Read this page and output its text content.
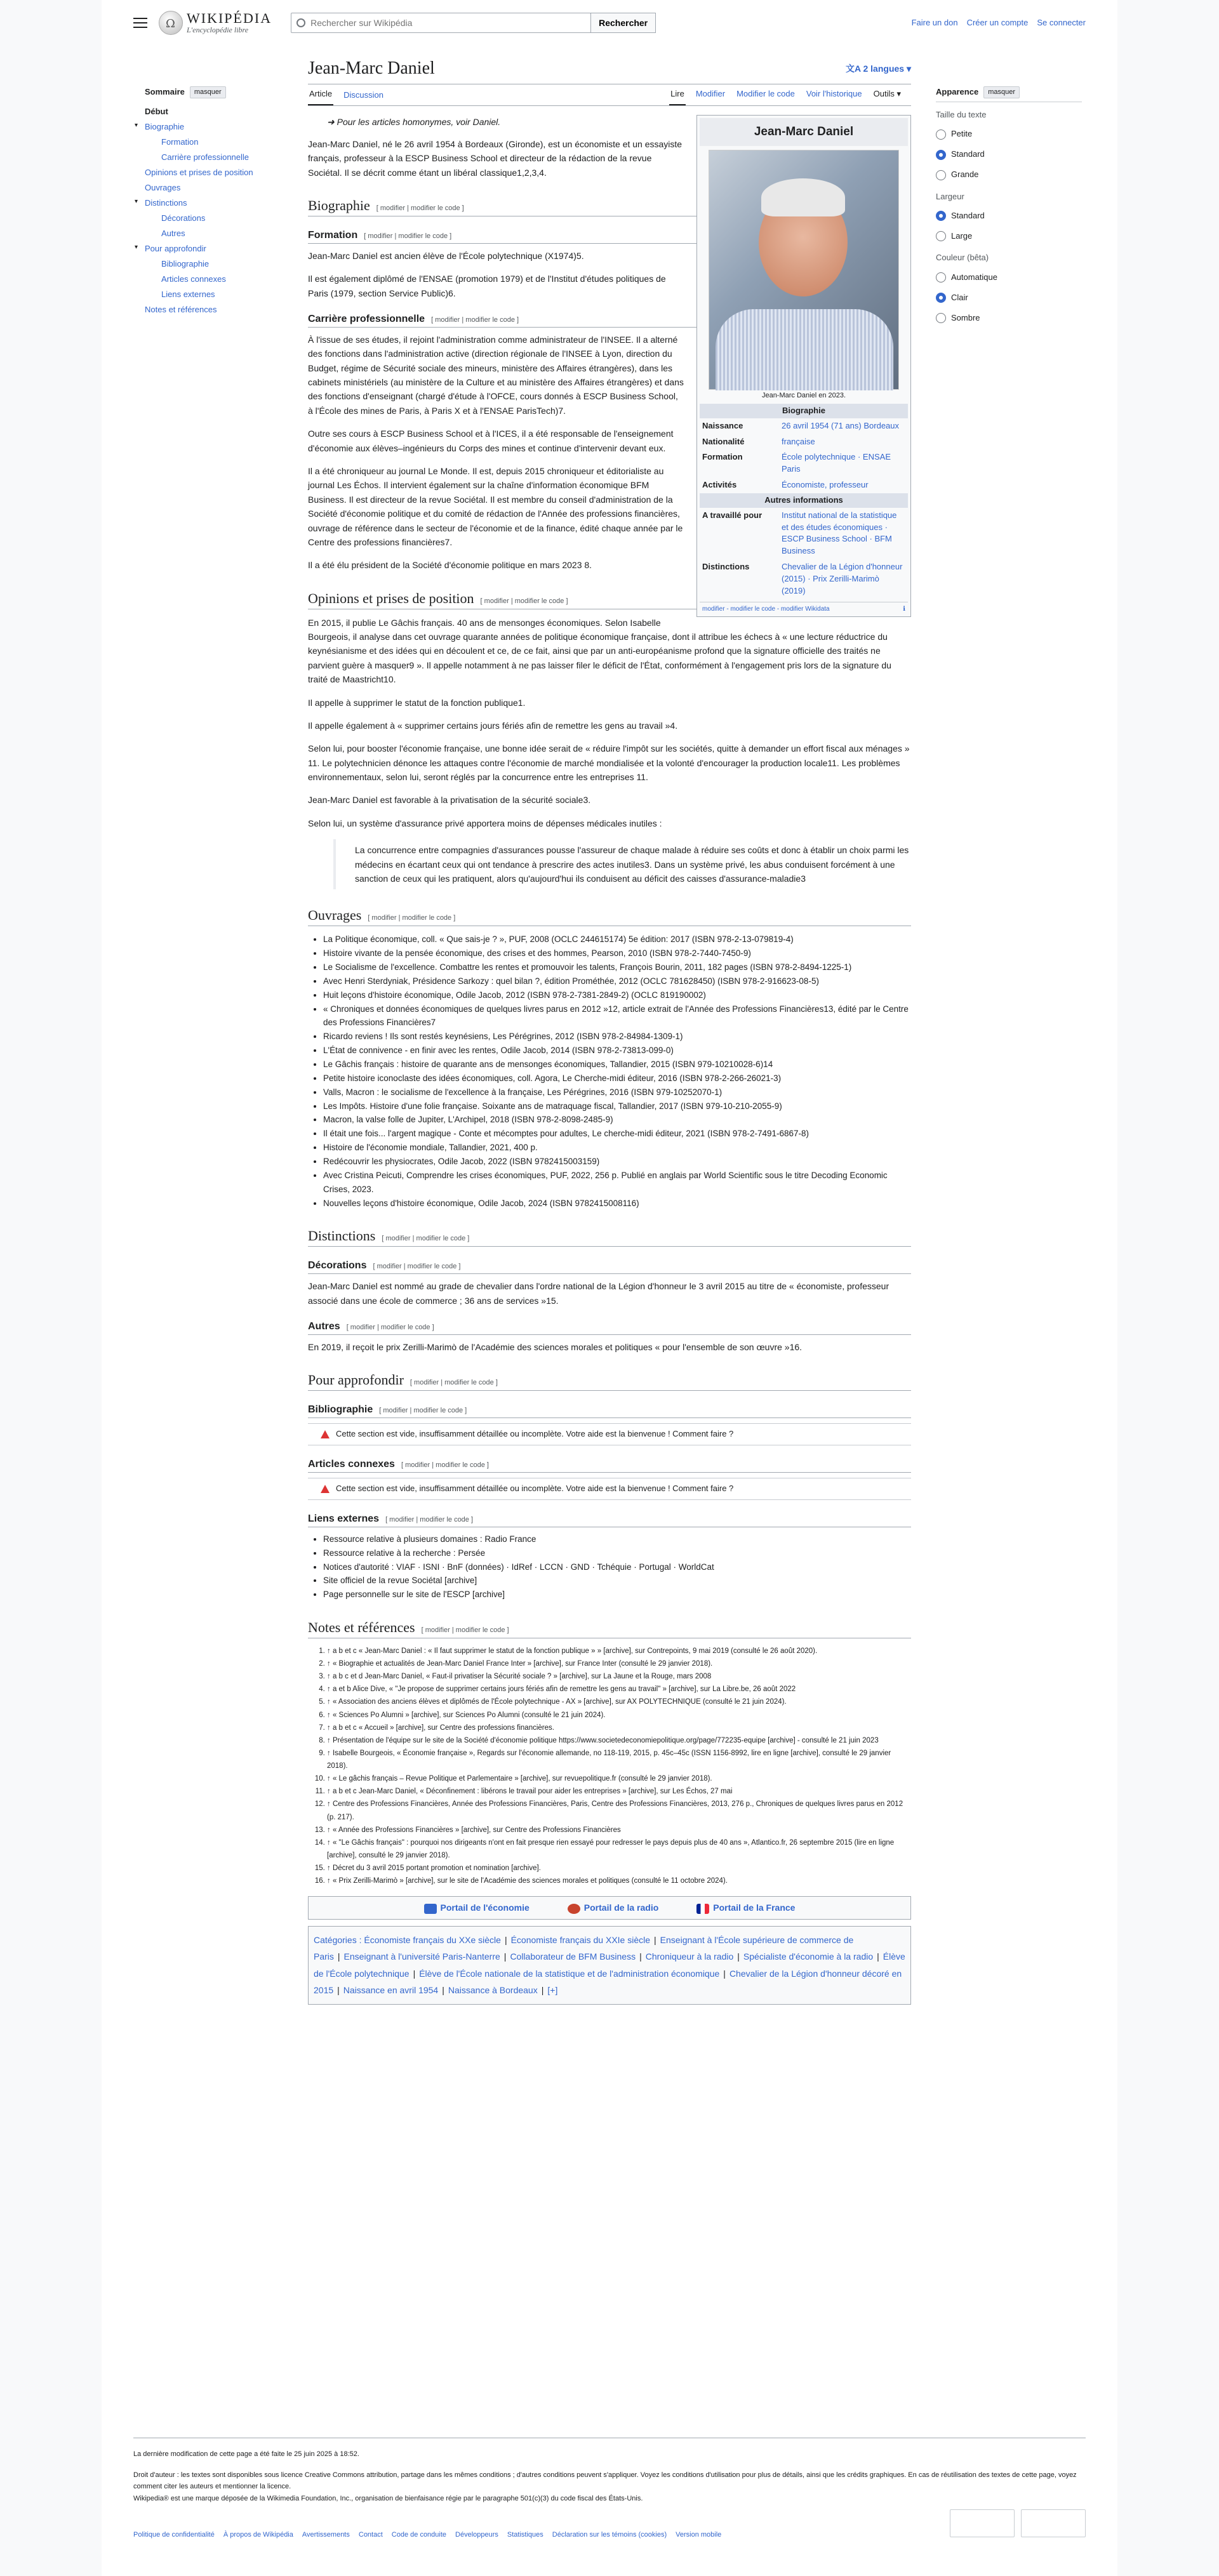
Ω
WIKIPÉDIA
L'encyclopédie libre
Rechercher sur Wikipédia
Rechercher	Faire un don Créer un compte Se connecter
Sommaire	masquer
Début
▾ Biographie
Formation
Carrière professionnelle
Opinions et prises de position
Ouvrages
▾ Distinctions
Décorations
Autres
▾ Pour approfondir
Bibliographie
Articles connexes
Liens externes
Notes et références
Apparence	masquer
Taille du texte
Petite
Standard
Grande
Largeur
Standard
Large
Couleur (bêta)
Automatique
Clair
Sombre
Jean-Marc Daniel	文A 2 langues ▾
Article Discussion	Lire Modifier Modifier le code Voir l'historique Outils ▾
Jean-Marc Daniel
Jean-Marc Daniel en 2023.
Biographie
Naissance	26 avril 1954 (71 ans) Bordeaux
Nationalité	française
Formation	École polytechnique · ENSAE Paris
Activités	Économiste, professeur
Autres informations
A travaillé pour	Institut national de la statistique et des études économiques · ESCP Business School · BFM Business
Distinctions	Chevalier de la Légion d'honneur (2015) · Prix Zerilli-Marimò (2019)
modifier - modifier le code - modifier Wikidata	ℹ
➜ Pour les articles homonymes, voir Daniel.

Jean-Marc Daniel, né le 26 avril 1954 à Bordeaux (Gironde), est un économiste et un essayiste français, professeur à la ESCP Business School et directeur de la rédaction de la revue Sociétal. Il se décrit comme étant un libéral classique1,2,3,4.

Biographie [ modifier | modifier le code ]
Formation [ modifier | modifier le code ]

Jean-Marc Daniel est ancien élève de l'École polytechnique (X1974)5.

Il est également diplômé de l'ENSAE (promotion 1979) et de l'Institut d'études politiques de Paris (1979, section Service Public)6.

Carrière professionnelle [ modifier | modifier le code ]

À l'issue de ses études, il rejoint l'administration comme administrateur de l'INSEE. Il a alterné des fonctions dans l'administration active (direction régionale de l'INSEE à Lyon, direction du Budget, régime de Sécurité sociale des mineurs, ministère des Affaires étrangères), dans les cabinets ministériels (au ministère de la Culture et au ministère des Affaires étrangères) et dans des fonctions d'enseignant (chargé d'étude à l'OFCE, cours donnés à ESCP Business School, à l'École des mines de Paris, à Paris X et à l'ENSAE ParisTech)7.

Outre ses cours à ESCP Business School et à l'ICES, il a été responsable de l'enseignement d'économie aux élèves–ingénieurs du Corps des mines et continue d'intervenir devant eux.

Il a été chroniqueur au journal Le Monde. Il est, depuis 2015 chroniqueur et éditorialiste au journal Les Échos. Il intervient également sur la chaîne d'information économique BFM Business. Il est directeur de la revue Sociétal. Il est membre du conseil d'administration de la Société d'économie politique et du comité de rédaction de l'Année des professions financières, ouvrage de référence dans le secteur de l'économie et de la finance, édité chaque année par le Centre des professions financières7.

Il a été élu président de la Société d'économie politique en mars 2023 8.

Opinions et prises de position [ modifier | modifier le code ]

En 2015, il publie Le Gâchis français. 40 ans de mensonges économiques. Selon Isabelle Bourgeois, il analyse dans cet ouvrage quarante années de politique économique française, dont il attribue les échecs à « une lecture réductrice du keynésianisme et des idées qui en découlent et ce, de ce fait, ainsi que par un anti-européanisme profond que la signature officielle des traités ne parvient guère à masquer9 ». Il appelle notamment à ne pas laisser filer le déficit de l'État, conformément à l'engagement pris lors de la signature du traité de Maastricht10.

Il appelle à supprimer le statut de la fonction publique1.

Il appelle également à « supprimer certains jours fériés afin de remettre les gens au travail »4.

Selon lui, pour booster l'économie française, une bonne idée serait de « réduire l'impôt sur les sociétés, quitte à demander un effort fiscal aux ménages » 11. Le polytechnicien dénonce les attaques contre l'économie de marché mondialisée et la volonté d'encourager la production locale11. Les problèmes environnementaux, selon lui, seront réglés par la concurrence entre les entreprises 11.

Jean-Marc Daniel est favorable à la privatisation de la sécurité sociale3.

Selon lui, un système d'assurance privé apportera moins de dépenses médicales inutiles :

La concurrence entre compagnies d'assurances pousse l'assureur de chaque malade à réduire ses coûts et donc à établir un choix parmi les médecins en écartant ceux qui ont tendance à prescrire des actes inutiles3. Dans un système privé, les abus conduisent forcément à une sanction de ceux qui les pratiquent, alors qu'aujourd'hui ils conduisent au déficit des caisses d'assurance-maladie3
Ouvrages [ modifier | modifier le code ]
• La Politique économique, coll. « Que sais-je ? », PUF, 2008 (OCLC 244615174) 5e édition: 2017 (ISBN 978-2-13-079819-4)
• Histoire vivante de la pensée économique, des crises et des hommes, Pearson, 2010 (ISBN 978-2-7440-7450-9)
• Le Socialisme de l'excellence. Combattre les rentes et promouvoir les talents, François Bourin, 2011, 182 pages (ISBN 978-2-8494-1225-1)
• Avec Henri Sterdyniak, Présidence Sarkozy : quel bilan ?, édition Prométhée, 2012 (OCLC 781628450) (ISBN 978-2-916623-08-5)
• Huit leçons d'histoire économique, Odile Jacob, 2012 (ISBN 978-2-7381-2849-2) (OCLC 819190002)
• « Chroniques et données économiques de quelques livres parus en 2012 »12, article extrait de l'Année des Professions Financières13, édité par le Centre des Professions Financières7
• Ricardo reviens ! Ils sont restés keynésiens, Les Pérégrines, 2012 (ISBN 978-2-84984-1309-1)
• L'État de connivence - en finir avec les rentes, Odile Jacob, 2014 (ISBN 978-2-73813-099-0)
• Le Gâchis français : histoire de quarante ans de mensonges économiques, Tallandier, 2015 (ISBN 979-10210028-6)14
• Petite histoire iconoclaste des idées économiques, coll. Agora, Le Cherche-midi éditeur, 2016 (ISBN 978-2-266-26021-3)
• Valls, Macron : le socialisme de l'excellence à la française, Les Pérégrines, 2016 (ISBN 979-10252070-1)
• Les Impôts. Histoire d'une folie française. Soixante ans de matraquage fiscal, Tallandier, 2017 (ISBN 979-10-210-2055-9)
• Macron, la valse folle de Jupiter, L'Archipel, 2018 (ISBN 978-2-8098-2485-9)
• Il était une fois... l'argent magique - Conte et mécomptes pour adultes, Le cherche-midi éditeur, 2021 (ISBN 978-2-7491-6867-8)
• Histoire de l'économie mondiale, Tallandier, 2021, 400 p.
• Redécouvrir les physiocrates, Odile Jacob, 2022 (ISBN 9782415003159)
• Avec Cristina Peicuti, Comprendre les crises économiques, PUF, 2022, 256 p. Publié en anglais par World Scientific sous le titre Decoding Economic Crises, 2023.
• Nouvelles leçons d'histoire économique, Odile Jacob, 2024 (ISBN 9782415008116)
Distinctions [ modifier | modifier le code ]
Décorations [ modifier | modifier le code ]

Jean-Marc Daniel est nommé au grade de chevalier dans l'ordre national de la Légion d'honneur le 3 avril 2015 au titre de « économiste, professeur associé dans une école de commerce ; 36 ans de services »15.

Autres [ modifier | modifier le code ]

En 2019, il reçoit le prix Zerilli-Marimò de l'Académie des sciences morales et politiques « pour l'ensemble de son œuvre »16.

Pour approfondir [ modifier | modifier le code ]
Bibliographie [ modifier | modifier le code ]
Cette section est vide, insuffisamment détaillée ou incomplète. Votre aide est la bienvenue ! Comment faire ?
Articles connexes [ modifier | modifier le code ]
Cette section est vide, insuffisamment détaillée ou incomplète. Votre aide est la bienvenue ! Comment faire ?
Liens externes [ modifier | modifier le code ]
• Ressource relative à plusieurs domaines : Radio France
• Ressource relative à la recherche : Persée
• Notices d'autorité : VIAF · ISNI · BnF (données) · IdRef · LCCN · GND · Tchéquie · Portugal · WorldCat
• Site officiel de la revue Sociétal [archive]
• Page personnelle sur le site de l'ESCP [archive]
Notes et références [ modifier | modifier le code ]
1. ↑ a b et c « Jean-Marc Daniel : « Il faut supprimer le statut de la fonction publique » » [archive], sur Contrepoints, 9 mai 2019 (consulté le 26 août 2020).
2. ↑ « Biographie et actualités de Jean-Marc Daniel France Inter » [archive], sur France Inter (consulté le 29 janvier 2018).
3. ↑ a b c et d Jean-Marc Daniel, « Faut-il privatiser la Sécurité sociale ? » [archive], sur La Jaune et la Rouge, mars 2008
4. ↑ a et b Alice Dive, « "Je propose de supprimer certains jours fériés afin de remettre les gens au travail" » [archive], sur La Libre.be, 26 août 2022
5. ↑ « Association des anciens élèves et diplômés de l'École polytechnique - AX » [archive], sur AX POLYTECHNIQUE (consulté le 21 juin 2024).
6. ↑ « Sciences Po Alumni » [archive], sur Sciences Po Alumni (consulté le 21 juin 2024).
7. ↑ a b et c « Accueil » [archive], sur Centre des professions financières.
8. ↑ Présentation de l'équipe sur le site de la Société d'économie politique https://www.societedeconomiepolitique.org/page/772235-equipe [archive] - consulté le 21 juin 2023
9. ↑ Isabelle Bourgeois, « Économie française », Regards sur l'économie allemande, no 118-119, 2015, p. 45c–45c (ISSN 1156-8992, lire en ligne [archive], consulté le 29 janvier 2018).
10. ↑ « Le gâchis français – Revue Politique et Parlementaire » [archive], sur revuepolitique.fr (consulté le 29 janvier 2018).
11. ↑ a b et c Jean-Marc Daniel, « Déconfinement : libérons le travail pour aider les entreprises » [archive], sur Les Échos, 27 mai
12. ↑ Centre des Professions Financières, Année des Professions Financières, Paris, Centre des Professions Financières, 2013, 276 p., Chroniques de quelques livres parus en 2012 (p. 217).
13. ↑ « Année des Professions Financières » [archive], sur Centre des Professions Financières
14. ↑ « "Le Gâchis français" : pourquoi nos dirigeants n'ont en fait presque rien essayé pour redresser le pays depuis plus de 40 ans », Atlantico.fr, 26 septembre 2015 (lire en ligne [archive], consulté le 29 janvier 2018).
15. ↑ Décret du 3 avril 2015 portant promotion et nomination [archive].
16. ↑ « Prix Zerilli-Marimò » [archive], sur le site de l'Académie des sciences morales et politiques (consulté le 11 octobre 2024).
Portail de l'économie	Portail de la radio	Portail de la France
Catégories : Économiste français du XXe siècle | Économiste français du XXIe siècle | Enseignant à l'École supérieure de commerce de Paris | Enseignant à l'université Paris-Nanterre | Collaborateur de BFM Business | Chroniqueur à la radio | Spécialiste d'économie à la radio | Élève de l'École polytechnique | Élève de l'École nationale de la statistique et de l'administration économique | Chevalier de la Légion d'honneur décoré en 2015 | Naissance en avril 1954 | Naissance à Bordeaux | [+]
La dernière modification de cette page a été faite le 25 juin 2025 à 18:52.
Droit d'auteur : les textes sont disponibles sous licence Creative Commons attribution, partage dans les mêmes conditions ; d'autres conditions peuvent s'appliquer. Voyez les conditions d'utilisation pour plus de détails, ainsi que les crédits graphiques. En cas de réutilisation des textes de cette page, voyez comment citer les auteurs et mentionner la licence.
Wikipedia® est une marque déposée de la Wikimedia Foundation, Inc., organisation de bienfaisance régie par le paragraphe 501(c)(3) du code fiscal des États-Unis.
Politique de confidentialité À propos de Wikipédia Avertissements Contact Code de conduite Développeurs Statistiques Déclaration sur les témoins (cookies) Version mobile
